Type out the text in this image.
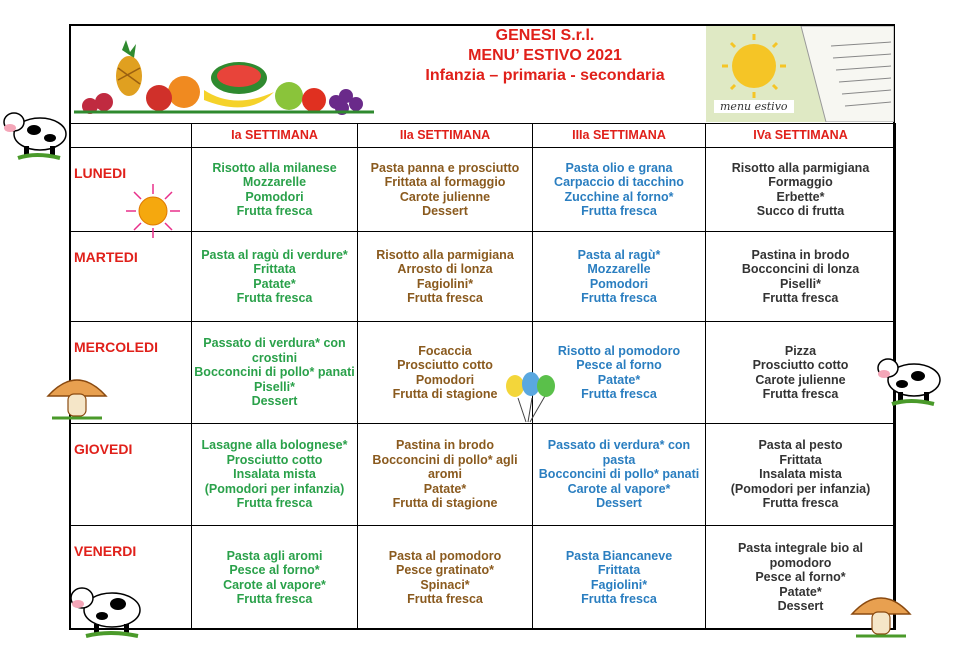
GENESI S.r.l.
MENU’ ESTIVO 2021
Infanzia – primaria - secondaria
menu estivo
	Ia SETTIMANA	IIa SETTIMANA	IIIa SETTIMANA	IVa SETTIMANA
LUNEDI	Risotto alla milanese
Mozzarelle
Pomodori
Frutta fresca	Pasta panna e prosciutto
Frittata al formaggio
Carote julienne
Dessert	Pasta olio e grana
Carpaccio di tacchino
Zucchine al forno*
Frutta fresca	Risotto alla parmigiana
Formaggio
Erbette*
Succo di frutta

MARTEDI	Pasta al ragù di verdure*
Frittata
Patate*
Frutta fresca	Risotto alla parmigiana
Arrosto di lonza
Fagiolini*
Frutta fresca	Pasta al ragù*
Mozzarelle
Pomodori
Frutta fresca	Pastina in brodo
Bocconcini di lonza
Piselli*
Frutta fresca

MERCOLEDI	Passato di verdura* con crostini
Bocconcini di pollo* panati
Piselli*
Dessert	Focaccia
Prosciutto cotto
Pomodori
Frutta di stagione	Risotto al pomodoro
Pesce al forno
Patate*
Frutta fresca	Pizza
Prosciutto cotto
Carote julienne
Frutta fresca

GIOVEDI	Lasagne alla bolognese*
Prosciutto cotto
Insalata mista
(Pomodori per infanzia)
Frutta fresca	Pastina in brodo
Bocconcini di pollo* agli aromi
Patate*
Frutta di stagione	Passato di verdura* con pasta
Bocconcini di pollo* panati
Carote al vapore*
Dessert	Pasta al pesto
Frittata
Insalata mista
(Pomodori per infanzia)
Frutta fresca

VENERDI	Pasta agli aromi
Pesce al forno*
Carote al vapore*
Frutta fresca	Pasta al pomodoro
Pesce gratinato*
Spinaci*
Frutta fresca	Pasta Biancaneve
Frittata
Fagiolini*
Frutta fresca	Pasta integrale bio al pomodoro
Pesce al forno*
Patate*
Dessert
